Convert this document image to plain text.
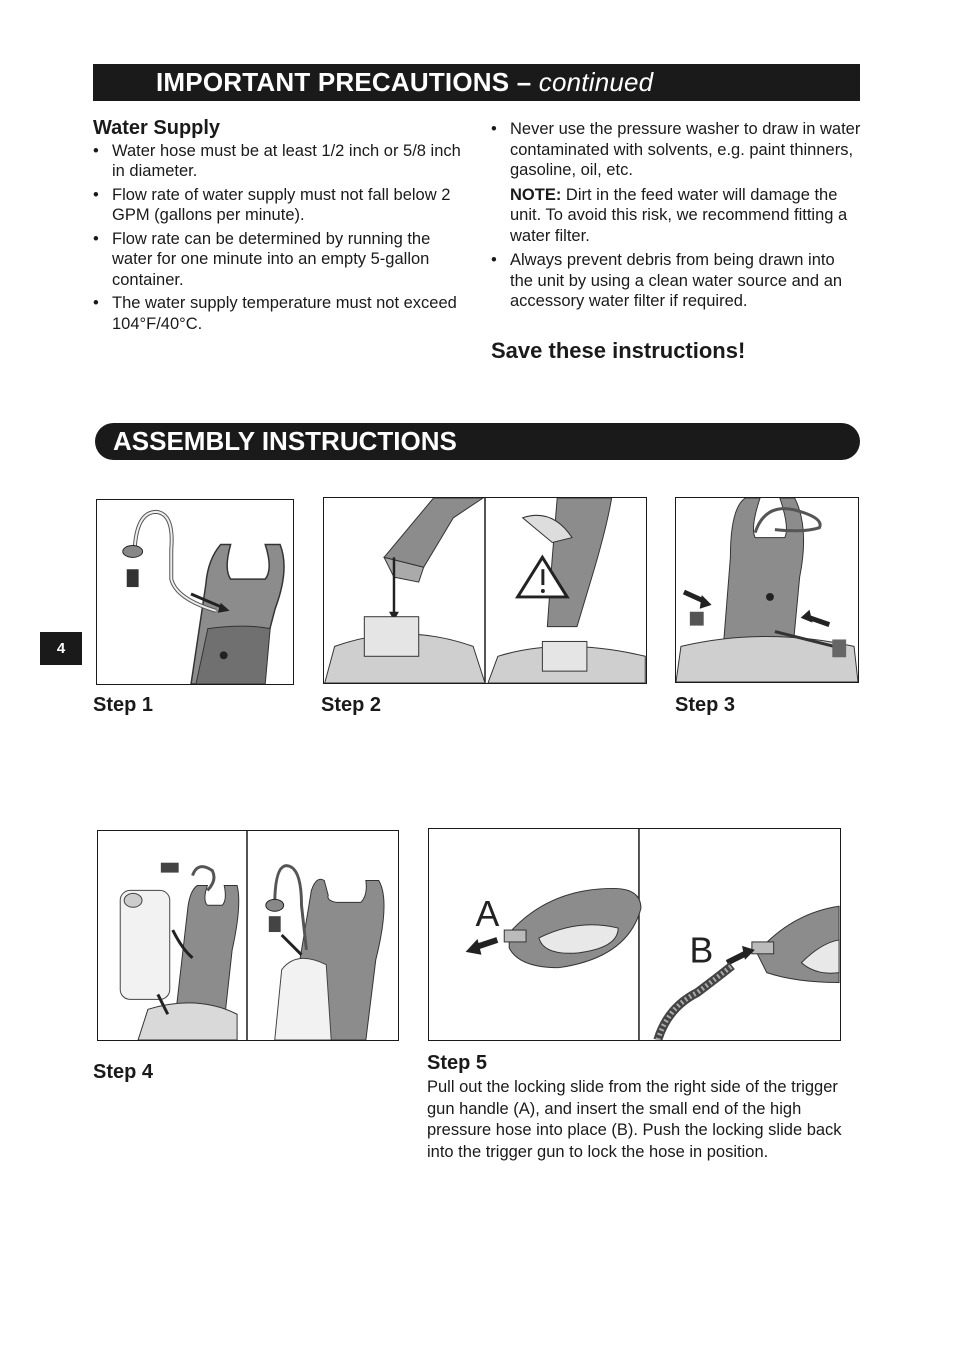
IMPORTANT PRECAUTIONS – continued
Water Supply
• Water hose must be at least 1/2 inch or 5/8 inch in diameter.
• Flow rate of water supply must not fall below 2 GPM (gallons per minute).
• Flow rate can be determined by running the water for one minute into an empty 5-gallon container.
• The water supply temperature must not exceed 104°F/40°C.
• Never use the pressure washer to draw in water contaminated with solvents, e.g. paint thinners, gasoline, oil, etc.
NOTE: Dirt in the feed water will damage the unit. To avoid this risk, we recommend fitting a water filter.
• Always prevent debris from being drawn into the unit by using a clean water source and an accessory water filter if required.

Save these instructions!

ASSEMBLY INSTRUCTIONS

Step 1	Step 2	Step 3

4
A
B

Step 4	Step 5

Pull out the locking slide from the right side of the trigger gun handle (A), and insert the small end of the high pressure hose into place (B). Push the locking slide back into the trigger gun to lock the hose in position.
